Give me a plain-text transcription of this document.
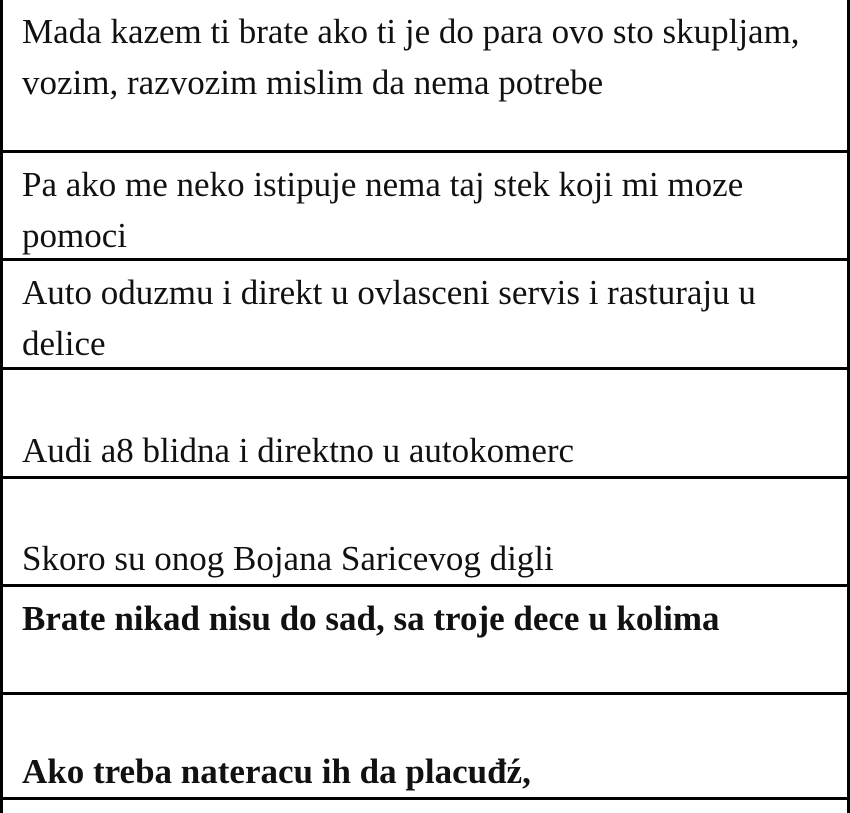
Mada kazem ti brate ako ti je do para ovo sto skupljam, vozim, razvozim mislim da nema potrebe
Pa ako me neko istipuje nema taj stek koji mi moze pomoci
Auto oduzmu i direkt u ovlasceni servis i rasturaju u delice
Audi a8 blidna i direktno u autokomerc
Skoro su onog Bojana Saricevog digli
Brate nikad nisu do sad, sa troje dece u kolima
Ako treba nateracu ih da placuđź,
